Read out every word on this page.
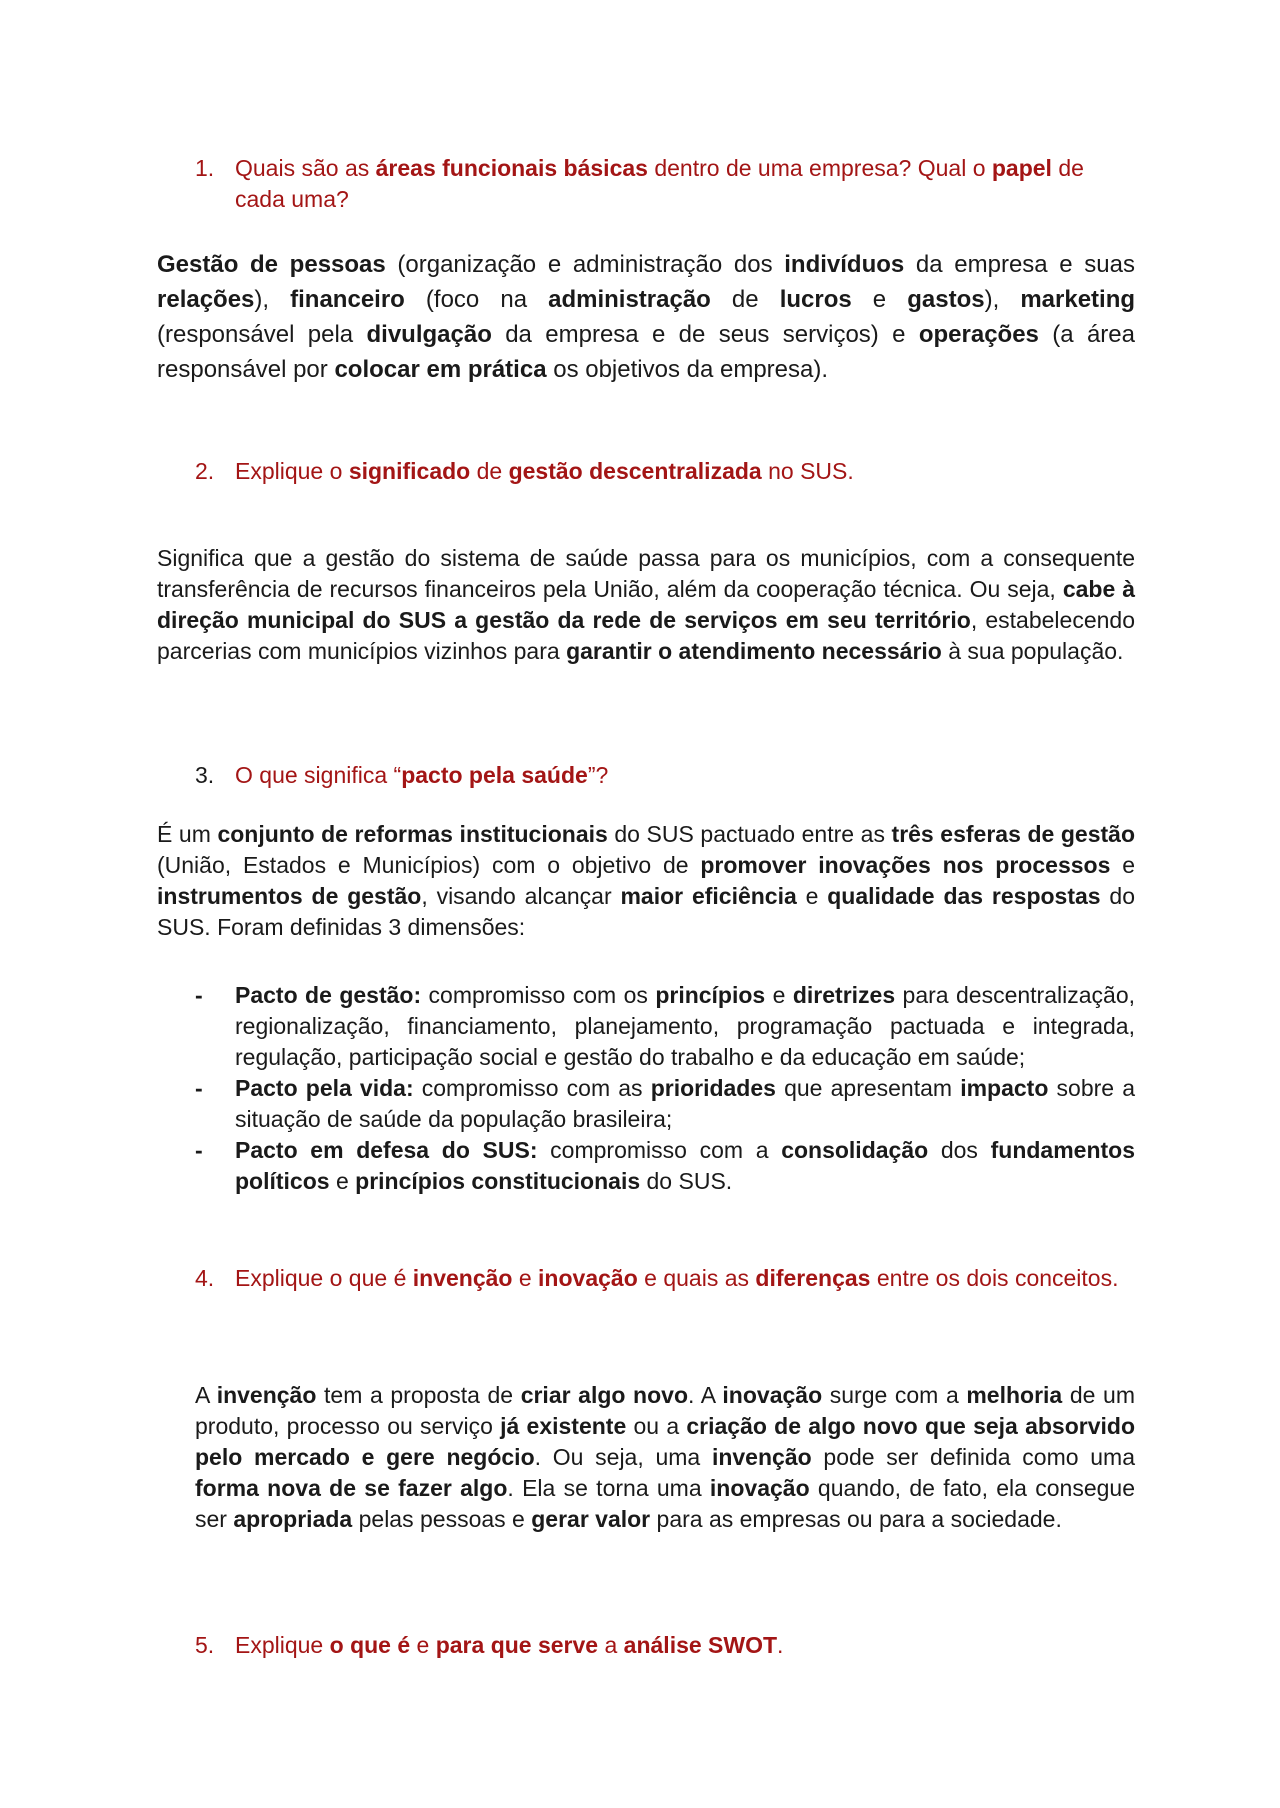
1. Quais são as áreas funcionais básicas dentro de uma empresa? Qual o papel de cada uma?
Gestão de pessoas (organização e administração dos indivíduos da empresa e suas relações), financeiro (foco na administração de lucros e gastos), marketing (responsável pela divulgação da empresa e de seus serviços) e operações (a área responsável por colocar em prática os objetivos da empresa).
2. Explique o significado de gestão descentralizada no SUS.
Significa que a gestão do sistema de saúde passa para os municípios, com a consequente transferência de recursos financeiros pela União, além da cooperação técnica. Ou seja, cabe à direção municipal do SUS a gestão da rede de serviços em seu território, estabelecendo parcerias com municípios vizinhos para garantir o atendimento necessário à sua população.
3. O que significa “pacto pela saúde”?
É um conjunto de reformas institucionais do SUS pactuado entre as três esferas de gestão (União, Estados e Municípios) com o objetivo de promover inovações nos processos e instrumentos de gestão, visando alcançar maior eficiência e qualidade das respostas do SUS. Foram definidas 3 dimensões:
- Pacto de gestão: compromisso com os princípios e diretrizes para descentralização, regionalização, financiamento, planejamento, programação pactuada e integrada, regulação, participação social e gestão do trabalho e da educação em saúde;
- Pacto pela vida: compromisso com as prioridades que apresentam impacto sobre a situação de saúde da população brasileira;
- Pacto em defesa do SUS: compromisso com a consolidação dos fundamentos políticos e princípios constitucionais do SUS.
4. Explique o que é invenção e inovação e quais as diferenças entre os dois conceitos.
A invenção tem a proposta de criar algo novo. A inovação surge com a melhoria de um produto, processo ou serviço já existente ou a criação de algo novo que seja absorvido pelo mercado e gere negócio. Ou seja, uma invenção pode ser definida como uma forma nova de se fazer algo. Ela se torna uma inovação quando, de fato, ela consegue ser apropriada pelas pessoas e gerar valor para as empresas ou para a sociedade.
5. Explique o que é e para que serve a análise SWOT.
